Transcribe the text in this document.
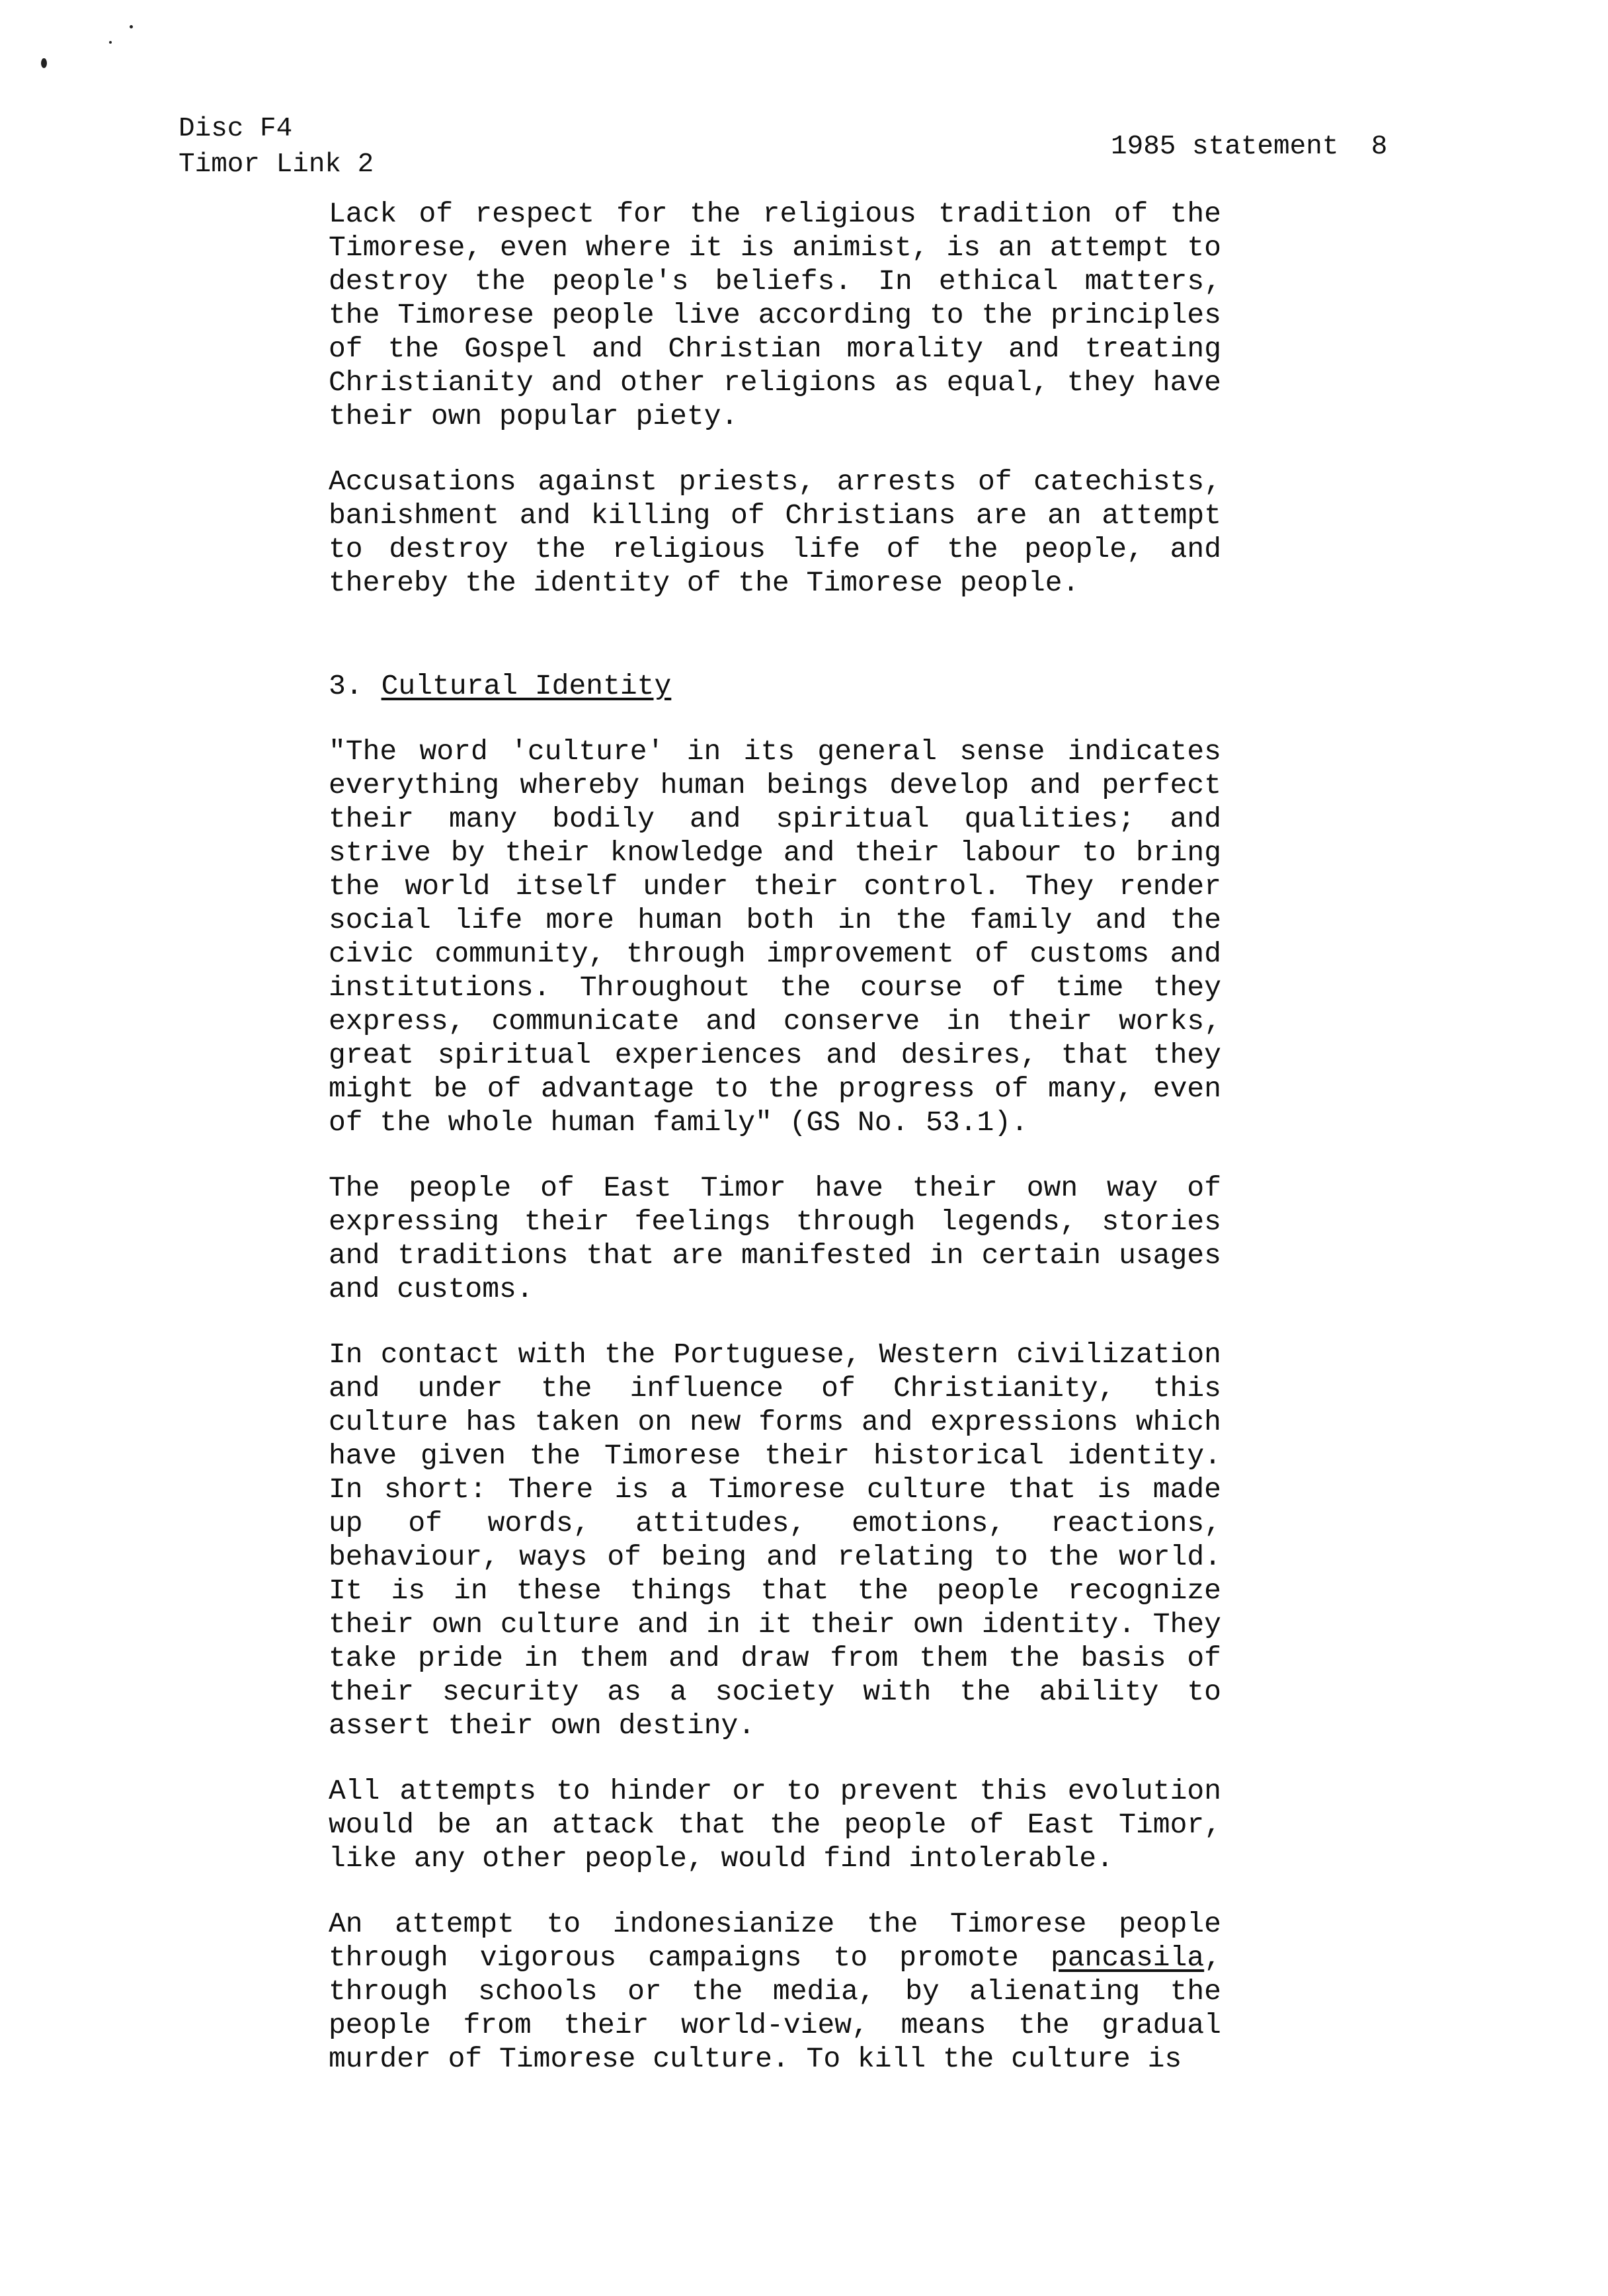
Disc F4
Timor Link 2
1985 statement 8

Lack of respect for the religious tradition of the Timorese, even where it is animist, is an attempt to destroy the people's beliefs. In ethical matters, the Timorese people live according to the principles of the Gospel and Christian morality and treating Christianity and other religions as equal, they have their own popular piety.

Accusations against priests, arrests of catechists, banishment and killing of Christians are an attempt to destroy the religious life of the people, and thereby the identity of the Timorese people.

3. Cultural Identity

"The word 'culture' in its general sense indicates everything whereby human beings develop and perfect their many bodily and spiritual qualities; and strive by their knowledge and their labour to bring the world itself under their control. They render social life more human both in the family and the civic community, through improvement of customs and institutions. Throughout the course of time they express, communicate and conserve in their works, great spiritual experiences and desires, that they might be of advantage to the progress of many, even of the whole human family" (GS No. 53.1).

The people of East Timor have their own way of expressing their feelings through legends, stories and traditions that are manifested in certain usages and customs.

In contact with the Portuguese, Western civilization and under the influence of Christianity, this culture has taken on new forms and expressions which have given the Timorese their historical identity. In short: There is a Timorese culture that is made up of words, attitudes, emotions, reactions, behaviour, ways of being and relating to the world. It is in these things that the people recognize their own culture and in it their own identity. They take pride in them and draw from them the basis of their security as a society with the ability to assert their own destiny.

All attempts to hinder or to prevent this evolution would be an attack that the people of East Timor, like any other people, would find intolerable.

An attempt to indonesianize the Timorese people through vigorous campaigns to promote pancasila, through schools or the media, by alienating the people from their world-view, means the gradual murder of Timorese culture. To kill the culture is
